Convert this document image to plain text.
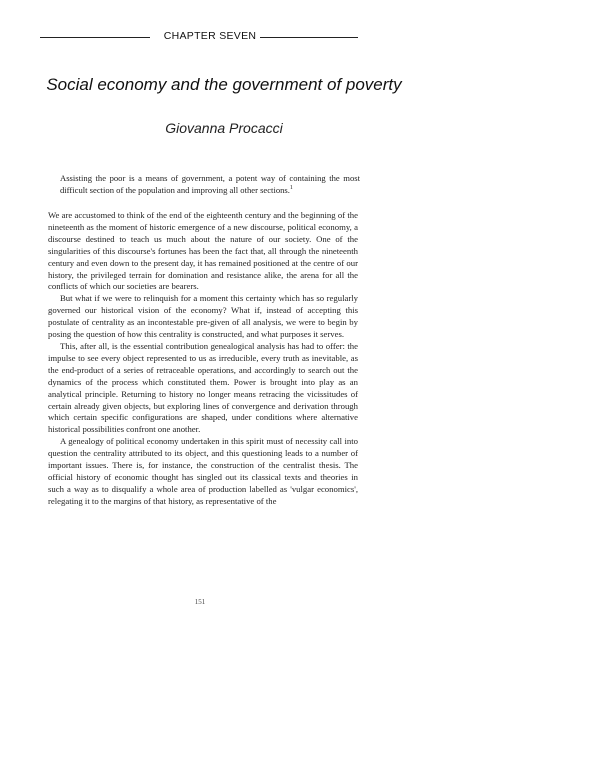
CHAPTER SEVEN
Social economy and the government of poverty
Giovanna Procacci
Assisting the poor is a means of government, a potent way of containing the most difficult section of the population and improving all other sections.$^1$

We are accustomed to think of the end of the eighteenth century and the beginning of the nineteenth as the moment of historic emergence of a new discourse, political economy, a discourse destined to teach us much about the nature of our society. One of the singularities of this discourse's fortunes has been the fact that, all through the nineteenth century and even down to the present day, it has remained positioned at the centre of our history, the privileged terrain for domination and resistance alike, the arena for all the conflicts of which our societies are bearers.

But what if we were to relinquish for a moment this certainty which has so regularly governed our historical vision of the economy? What if, instead of accepting this postulate of centrality as an incontestable pre-given of all analysis, we were to begin by posing the question of how this centrality is constructed, and what purposes it serves.

This, after all, is the essential contribution genealogical analysis has had to offer: the impulse to see every object represented to us as irreducible, every truth as inevitable, as the end-product of a series of retraceable operations, and accordingly to search out the dynamics of the process which constituted them. Power is brought into play as an analytical principle. Returning to history no longer means retracing the vicissitudes of certain already given objects, but exploring lines of convergence and derivation through which certain specific configurations are shaped, under conditions where alternative historical possibilities confront one another.

A genealogy of political economy undertaken in this spirit must of necessity call into question the centrality attributed to its object, and this questioning leads to a number of important issues. There is, for instance, the construction of the centralist thesis. The official history of economic thought has singled out its classical texts and theories in such a way as to disqualify a whole area of production labelled as 'vulgar economics', relegating it to the margins of that history, as representative of the

151
